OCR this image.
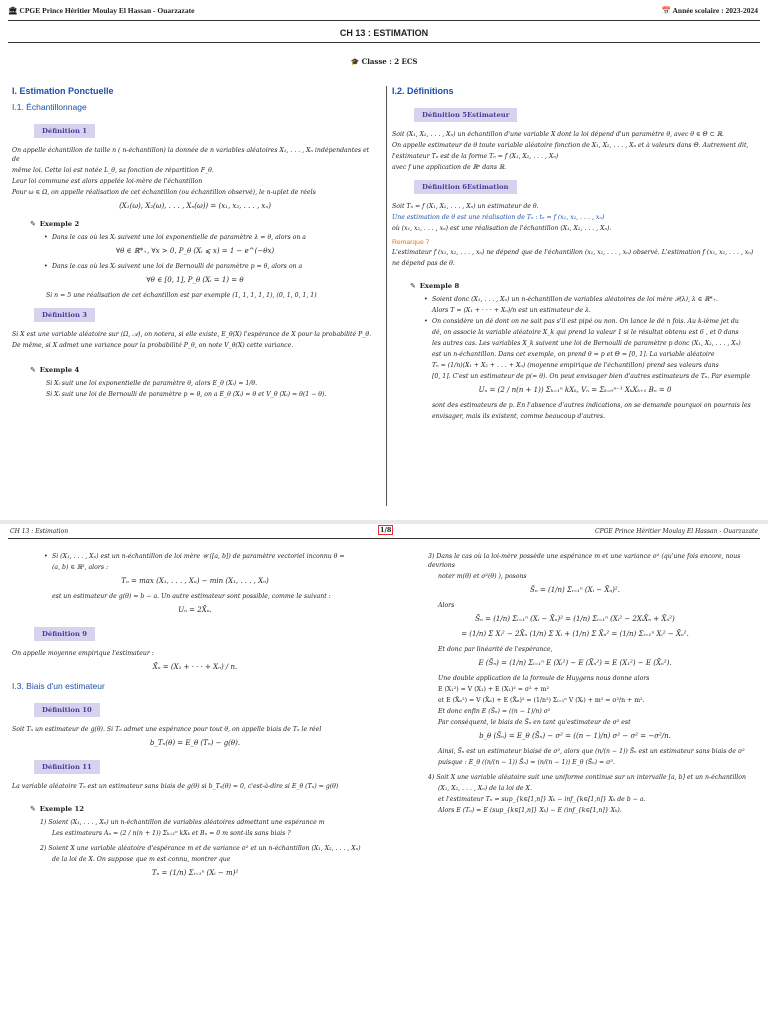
🏛 CPGE Prince Héritier Moulay El Hassan - Ouarzazate	📅 Année scolaire : 2023-2024
CH 13 : ESTIMATION
🎓 Classe : 2 ECS
I. Estimation Ponctuelle
I.1. Échantillonnage
Définition 1

On appelle échantillon de taille n ( n-échantillon) la donnée de n variables aléatoires X₁, . . . , Xₙ indépendantes et de

même loi. Cette loi est notée L_θ, sa fonction de répartition F_θ.

Leur loi commune est alors appelée loi-mère de l'échantillon

Pour ω ∈ Ω, on appelle réalisation de cet échantillon (ou échantillon observé), le n-uplet de réels

(X₁(ω), X₂(ω), . . . , Xₙ(ω)) = (x₁, x₂, . . . , xₙ)

✎ Exemple 2

• Dans le cas où les Xᵢ suivent une loi exponentielle de paramètre λ = θ, alors on a

∀θ ∈ ℝ*₊, ∀x > 0, P_θ (Xᵢ ⩽ x) = 1 − e^(−θx)

• Dans le cas où les Xᵢ suivent une loi de Bernoulli de paramètre p = θ, alors on a

∀θ ∈ [0, 1], P_θ (Xᵢ = 1) = θ

Si n = 5 une réalisation de cet échantillon est par exemple (1, 1, 1, 1, 1), (0, 1, 0, 1, 1)

Définition 3

Si X est une variable aléatoire sur (Ω, 𝒜), on notera, si elle existe, E_θ(X) l'espérance de X pour la probabilité P_θ.

De même, si X admet une variance pour la probabilité P_θ, on note V_θ(X) cette variance.

✎ Exemple 4

Si Xᵢ suit une loi exponentielle de paramètre θ, alors E_θ (Xᵢ) = 1/θ.

Si Xᵢ suit une loi de Bernoulli de paramètre p = θ, on a E_θ (Xᵢ) = θ et V_θ (Xᵢ) = θ(1 − θ).

I.2. Définitions
Définition 5Estimateur

Soit (X₁, X₂, . . . , Xₙ) un échantillon d'une variable X dont la loi dépend d'un paramètre θ, avec θ ∈ Θ ⊂ ℝ.

On appelle estimateur de θ toute variable aléatoire fonction de X₁, X₂, . . . , Xₙ et à valeurs dans Θ. Autrement dit,

l'estimateur Tₙ est de la forme Tₙ = f (X₁, X₂, . . . , Xₙ)

avec f une application de ℝⁿ dans ℝ.

Définition 6Estimation

Soit Tₙ = f (X₁, X₂, . . . , Xₙ) un estimateur de θ.

Une estimation de θ est une réalisation de Tₙ : tₙ = f (x₁, x₂, . . . , xₙ)

où (x₁, x₂, . . . , xₙ) est une réalisation de l'échantillon (X₁, X₂, . . . , Xₙ).

Remarque 7

L'estimateur f (x₁, x₂, . . . , xₙ) ne dépend que de l'échantillon (x₁, x₂, . . . , xₙ) observé. L'estimation f (x₁, x₂, . . . , xₙ)

ne dépend pas de θ.

✎ Exemple 8

• Soient donc (X₁, . . . , Xₙ) un n-échantillon de variables aléatoires de loi mère 𝒫(λ), λ ∈ ℝ*₊.

Alors T = (X₁ + · · · + Xₙ)/n est un estimateur de λ.

• On considère un dé dont on ne sait pas s'il est pipé ou non. On lance le dé n fois. Au k-ième jet du

dé, on associe la variable aléatoire X_k qui prend la valeur 1 si le résultat obtenu est 6 , et 0 dans

les autres cas. Les variables X_k suivent une loi de Bernoulli de paramètre p donc (X₁, X₂, . . . , Xₙ)

est un n-échantillon. Dans cet exemple, on prend θ = p et Θ = [0, 1]. La variable aléatoire

Tₙ = (1/n)(X₁ + X₂ + . . . + Xₙ) (moyenne empirique de l'échantillon) prend ses valeurs dans

[0, 1]. C'est un estimateur de p(= θ). On peut envisager bien d'autres estimateurs de Tₙ. Par exemple

Uₙ = (2 / n(n + 1)) Σₖ₌₁ⁿ kXₖ, Vₙ = Σₖ₌₀ⁿ⁻¹ XₖXₖ₊₁ Bₙ = 0

sont des estimateurs de p. En l'absence d'autres indications, on se demande pourquoi on pourrais les

envisager, mais ils existent, comme beaucoup d'autres.

CH 13 : Estimation	1/8	CPGE Prince Héritier Moulay El Hassan - Ouarzazate

• Si (X₁, . . . , Xₙ) est un n-échantillon de loi mère 𝒰 ([a, b]) de paramètre vectoriel inconnu θ =

(a, b) ∈ ℝ², alors :

Tₙ = max (X₁, . . . , Xₙ) − min (X₁, . . . , Xₙ)

est un estimateur de g(θ) = b − a. Un autre estimateur sont possible, comme le suivant :

Uₙ = 2X̄ₙ.

Définition 9

On appelle moyenne empirique l'estimateur :

X̄ₙ = (X₁ + · · · + Xₙ) / n.

I.3. Biais d'un estimateur
Définition 10

Soit Tₙ un estimateur de g(θ). Si Tₙ admet une espérance pour tout θ, on appelle biais de Tₙ le réel

b_Tₙ(θ) = E_θ (Tₙ) − g(θ).

Définition 11

La variable aléatoire Tₙ est un estimateur sans biais de g(θ) si b_Tₙ(θ) = 0, c'est-à-dire si E_θ (Tₙ) = g(θ)

✎ Exemple 12

1) Soient (X₁, . . . , Xₙ) un n-échantillon de variables aléatoires admettant une espérance m

Les estimateurs Aₙ = (2 / n(n + 1)) Σₖ₌₁ⁿ kXₖ et Bₙ = 0 m sont-ils sans biais ?

2) Soient X une variable aléatoire d'espérance m et de variance σ² et un n-échantillon (X₁, X₂, . . . , Xₙ)

de la loi de X. On suppose que m est connu, montrer que

Tₙ = (1/n) Σᵢ₌₁ⁿ (Xᵢ − m)²

3) Dans le cas où la loi-mère possède une espérance m et une variance σ² (qu'une fois encore, nous devrions

noter m(θ) et σ²(θ) ), posons

S̃ₙ = (1/n) Σᵢ₌₁ⁿ (Xᵢ − X̄ₙ)².

Alors

S̃ₙ = (1/n) Σᵢ₌₁ⁿ (Xᵢ − X̄ₙ)² = (1/n) Σᵢ₌₁ⁿ (Xᵢ² − 2XᵢX̄ₙ + X̄ₙ²)

= (1/n) Σ Xᵢ² − 2X̄ₙ (1/n) Σ Xᵢ + (1/n) Σ X̄ₙ² = (1/n) Σᵢ₌₁ⁿ Xᵢ² − X̄ₙ².

Et donc par linéarité de l'espérance,

E (S̃ₙ) = (1/n) Σᵢ₌₁ⁿ E (Xᵢ²) − E (X̄ₙ²) = E (X₁²) − E (X̄ₙ²).

Une double application de la formule de Huygens nous donne alors

E (X₁²) = V (X₁) + E (X₁)² = σ² + m²

et E (X̄ₙ²) = V (X̄ₙ) + E (X̄ₙ)² = (1/n²) Σᵢ₌₁ⁿ V (Xᵢ) + m² = σ²/n + m².

Et donc enfin E (S̃ₙ) = ((n − 1)/n) σ²

Par conséquent, le biais de S̃ₙ en tant qu'estimateur de σ² est

b_θ (S̃ₙ) = E_θ (S̃ₙ) − σ² = ((n − 1)/n) σ² − σ² = −σ²/n.

Ainsi, S̃ₙ est un estimateur biaisé de σ², alors que (n/(n − 1)) S̃ₙ est un estimateur sans biais de σ²

puisque : E_θ ((n/(n − 1)) S̃ₙ) = (n/(n − 1)) E_θ (S̃ₙ) = σ².

4) Soit X une variable aléatoire suit une uniforme continue sur un intervalle [a, b] et un n-échantillon

(X₁, X₂, . . . , Xₙ) de la loi de X.

et l'estimateur Tₙ = sup_{k∈[1,n]} Xₖ − inf_{k∈[1,n]} Xₖ de b − a.

Alors E (Tₙ) = E (sup_{k∈[1,n]} Xₖ) − E (inf_{k∈[1,n]} Xₖ).
